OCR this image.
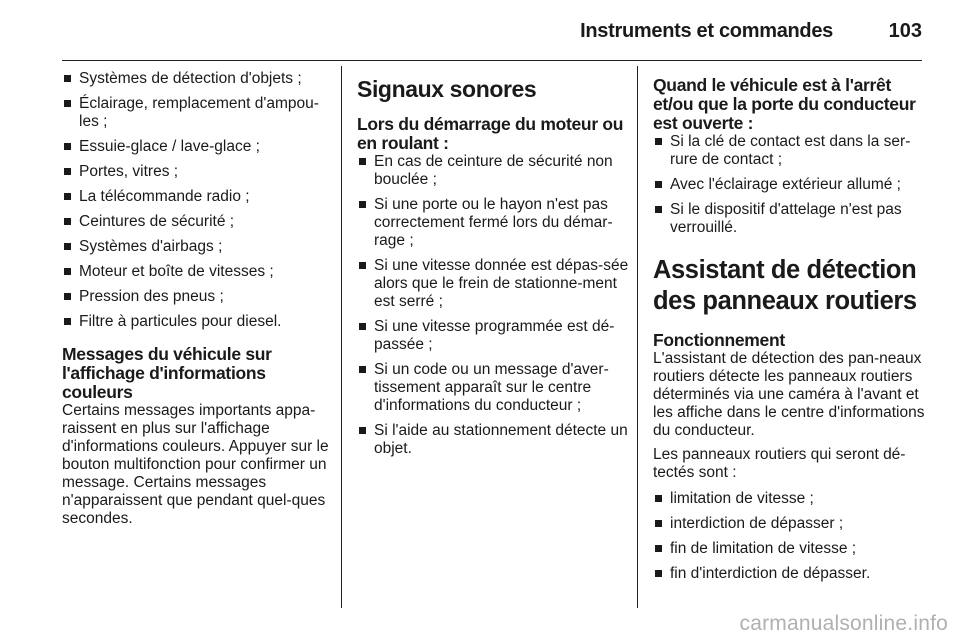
Instruments et commandes	103
Systèmes de détection d'objets ;
Éclairage, remplacement d'ampou-les ;
Essuie-glace / lave-glace ;
Portes, vitres ;
La télécommande radio ;
Ceintures de sécurité ;
Systèmes d'airbags ;
Moteur et boîte de vitesses ;
Pression des pneus ;
Filtre à particules pour diesel.
Messages du véhicule sur l'affichage d'informations couleurs

Certains messages importants appa-raissent en plus sur l'affichage d'informations couleurs. Appuyer sur le bouton multifonction pour confirmer un message. Certains messages n'apparaissent que pendant quel-ques secondes.

Signaux sonores
Lors du démarrage du moteur ou en roulant :
En cas de ceinture de sécurité non bouclée ;
Si une porte ou le hayon n'est pas correctement fermé lors du démar-rage ;
Si une vitesse donnée est dépas-sée alors que le frein de stationne-ment est serré ;
Si une vitesse programmée est dé-passée ;
Si un code ou un message d'aver-tissement apparaît sur le centre d'informations du conducteur ;
Si l'aide au stationnement détecte un objet.
Quand le véhicule est à l'arrêt et/ou que la porte du conducteur est ouverte :
Si la clé de contact est dans la ser-rure de contact ;
Avec l'éclairage extérieur allumé ;
Si le dispositif d'attelage n'est pas verrouillé.
Assistant de détection des panneaux routiers
Fonctionnement

L'assistant de détection des pan-neaux routiers détecte les panneaux routiers déterminés via une caméra à l'avant et les affiche dans le centre d'informations du conducteur.

Les panneaux routiers qui seront dé-tectés sont :

limitation de vitesse ;
interdiction de dépasser ;
fin de limitation de vitesse ;
fin d'interdiction de dépasser.
carmanualsonline.info
